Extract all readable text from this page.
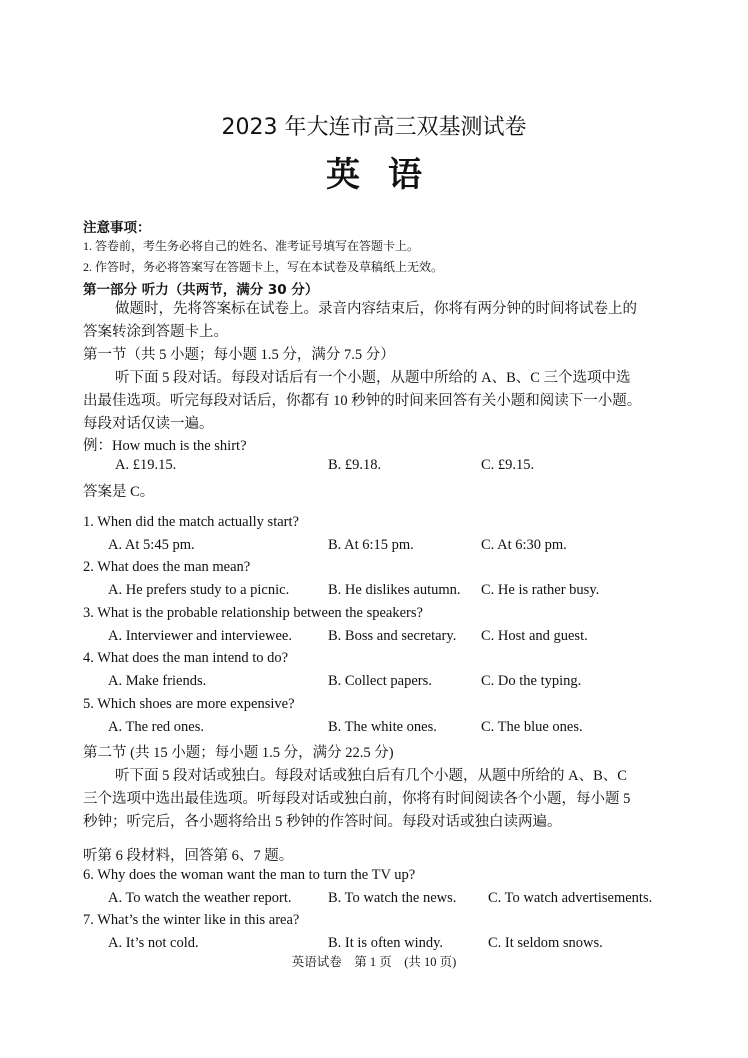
2023 年大连市高三双基测试卷
英语
注意事项：
1. 答卷前，考生务必将自己的姓名、准考证号填写在答题卡上。
2. 作答时，务必将答案写在答题卡上，写在本试卷及草稿纸上无效。
第一部分 听力（共两节，满分 30 分）
做题时，先将答案标在试卷上。录音内容结束后，你将有两分钟的时间将试卷上的
答案转涂到答题卡上。
第一节（共 5 小题；每小题 1.5 分，满分 7.5 分）
听下面 5 段对话。每段对话后有一个小题，从题中所给的 A、B、C 三个选项中选
出最佳选项。听完每段对话后，你都有 10 秒钟的时间来回答有关小题和阅读下一小题。
每段对话仅读一遍。
例：How much is the shirt?
A. £19.15.	B. £9.18.	C. £9.15.
答案是 C。
1. When did the match actually start?
A. At 5:45 pm.	B. At 6:15 pm.	C. At 6:30 pm.
2. What does the man mean?
A. He prefers study to a picnic.	B. He dislikes autumn. C. He is rather busy.
3. What is the probable relationship between the speakers?
A. Interviewer and interviewee. B. Boss and secretary. C. Host and guest.
4. What does the man intend to do?
A. Make friends.	B. Collect papers.	C. Do the typing.
5. Which shoes are more expensive?
A. The red ones.	B. The white ones.	C. The blue ones.
第二节 (共 15 小题；每小题 1.5 分，满分 22.5 分)
听下面 5 段对话或独白。每段对话或独白后有几个小题，从题中所给的 A、B、C
三个选项中选出最佳选项。听每段对话或独白前，你将有时间阅读各个小题，每小题 5
秒钟；听完后，各小题将给出 5 秒钟的作答时间。每段对话或独白读两遍。
听第 6 段材料，回答第 6、7 题。
6. Why does the woman want the man to turn the TV up?
A. To watch the weather report.	B. To watch the news. C. To watch advertisements.
7. What’s the winter like in this area?
A. It’s not cold.	B. It is often windy.	C. It seldom snows.
英语试卷　第 1 页　(共 10 页)
